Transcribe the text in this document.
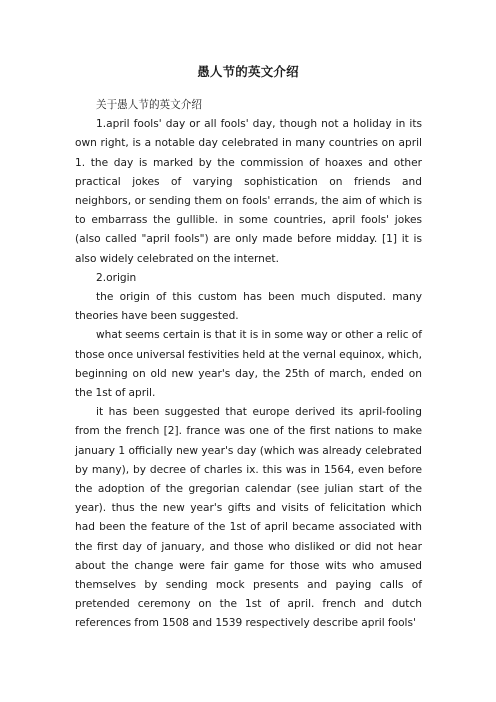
愚人节的英文介绍

关于愚人节的英文介绍

1.april fools' day or all fools' day, though not a holiday in its own right, is a notable day celebrated in many countries on april 1. the day is marked by the commission of hoaxes and other practical jokes of varying sophistication on friends and neighbors, or sending them on fools' errands, the aim of which is to embarrass the gullible. in some countries, april fools' jokes (also called "april fools") are only made before midday. [1] it is also widely celebrated on the internet.

2.origin

the origin of this custom has been much disputed. many theories have been suggested.

what seems certain is that it is in some way or other a relic of those once universal festivities held at the vernal equinox, which, beginning on old new year's day, the 25th of march, ended on the 1st of april.

it has been suggested that europe derived its april-fooling from the french [2]. france was one of the first nations to make january 1 officially new year's day (which was already celebrated by many), by decree of charles ix. this was in 1564, even before the adoption of the gregorian calendar (see julian start of the year). thus the new year's gifts and visits of felicitation which had been the feature of the 1st of april became associated with the first day of january, and those who disliked or did not hear about the change were fair game for those wits who amused themselves by sending mock presents and paying calls of pretended ceremony on the 1st of april. french and dutch references from 1508 and 1539 respectively describe april fools'
